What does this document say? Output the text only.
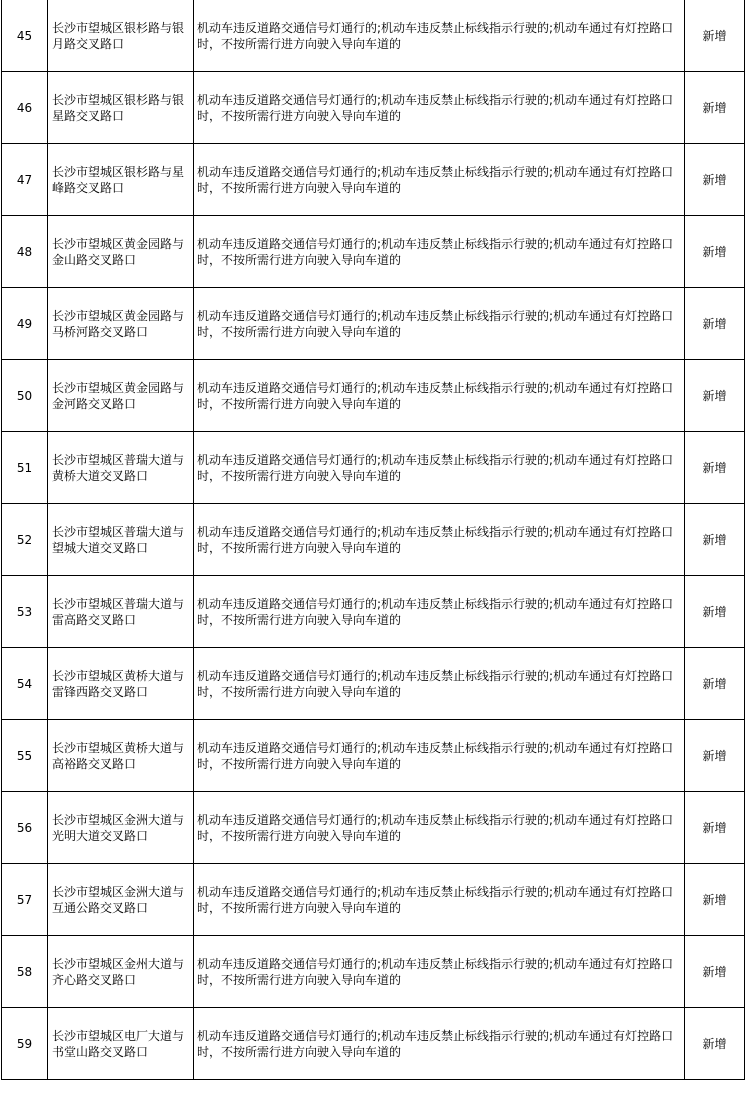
45	长沙市望城区银杉路与银月路交叉路口	机动车违反道路交通信号灯通行的;机动车违反禁止标线指示行驶的;机动车通过有灯控路口时，不按所需行进方向驶入导向车道的	新增
46	长沙市望城区银杉路与银星路交叉路口	机动车违反道路交通信号灯通行的;机动车违反禁止标线指示行驶的;机动车通过有灯控路口时，不按所需行进方向驶入导向车道的	新增
47	长沙市望城区银杉路与星峰路交叉路口	机动车违反道路交通信号灯通行的;机动车违反禁止标线指示行驶的;机动车通过有灯控路口时，不按所需行进方向驶入导向车道的	新增
48	长沙市望城区黄金园路与金山路交叉路口	机动车违反道路交通信号灯通行的;机动车违反禁止标线指示行驶的;机动车通过有灯控路口时，不按所需行进方向驶入导向车道的	新增
49	长沙市望城区黄金园路与马桥河路交叉路口	机动车违反道路交通信号灯通行的;机动车违反禁止标线指示行驶的;机动车通过有灯控路口时，不按所需行进方向驶入导向车道的	新增
50	长沙市望城区黄金园路与金河路交叉路口	机动车违反道路交通信号灯通行的;机动车违反禁止标线指示行驶的;机动车通过有灯控路口时，不按所需行进方向驶入导向车道的	新增
51	长沙市望城区普瑞大道与黄桥大道交叉路口	机动车违反道路交通信号灯通行的;机动车违反禁止标线指示行驶的;机动车通过有灯控路口时，不按所需行进方向驶入导向车道的	新增
52	长沙市望城区普瑞大道与望城大道交叉路口	机动车违反道路交通信号灯通行的;机动车违反禁止标线指示行驶的;机动车通过有灯控路口时，不按所需行进方向驶入导向车道的	新增
53	长沙市望城区普瑞大道与雷高路交叉路口	机动车违反道路交通信号灯通行的;机动车违反禁止标线指示行驶的;机动车通过有灯控路口时，不按所需行进方向驶入导向车道的	新增
54	长沙市望城区黄桥大道与雷锋西路交叉路口	机动车违反道路交通信号灯通行的;机动车违反禁止标线指示行驶的;机动车通过有灯控路口时，不按所需行进方向驶入导向车道的	新增
55	长沙市望城区黄桥大道与高裕路交叉路口	机动车违反道路交通信号灯通行的;机动车违反禁止标线指示行驶的;机动车通过有灯控路口时，不按所需行进方向驶入导向车道的	新增
56	长沙市望城区金洲大道与光明大道交叉路口	机动车违反道路交通信号灯通行的;机动车违反禁止标线指示行驶的;机动车通过有灯控路口时，不按所需行进方向驶入导向车道的	新增
57	长沙市望城区金洲大道与互通公路交叉路口	机动车违反道路交通信号灯通行的;机动车违反禁止标线指示行驶的;机动车通过有灯控路口时，不按所需行进方向驶入导向车道的	新增
58	长沙市望城区金州大道与齐心路交叉路口	机动车违反道路交通信号灯通行的;机动车违反禁止标线指示行驶的;机动车通过有灯控路口时，不按所需行进方向驶入导向车道的	新增
59	长沙市望城区电厂大道与书堂山路交叉路口	机动车违反道路交通信号灯通行的;机动车违反禁止标线指示行驶的;机动车通过有灯控路口时，不按所需行进方向驶入导向车道的	新增
